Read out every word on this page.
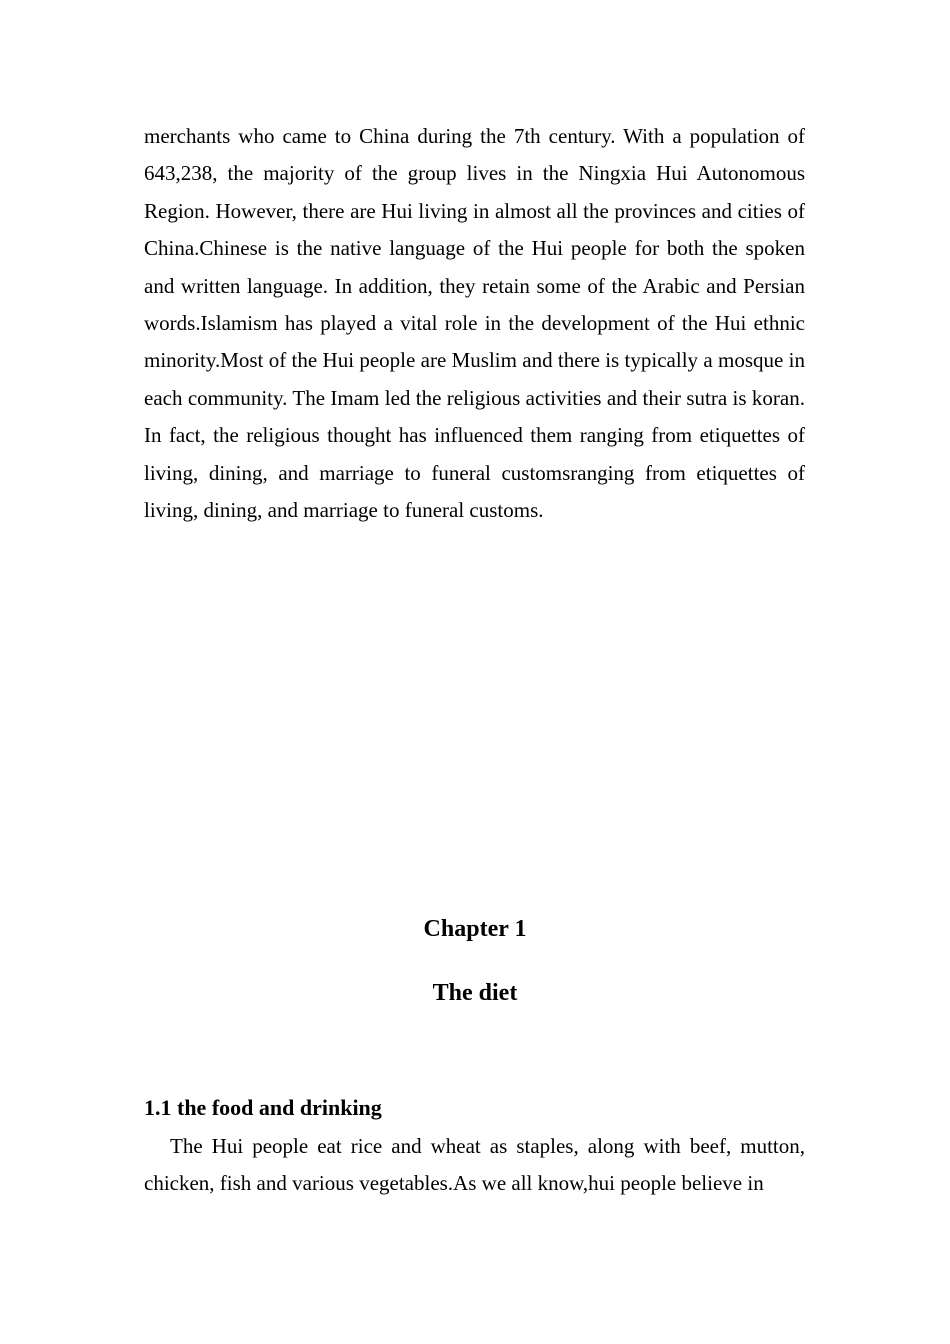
merchants who came to China during the 7th century. With a population of 643,238, the majority of the group lives in the Ningxia Hui Autonomous Region. However, there are Hui living in almost all the provinces and cities of China.Chinese is the native language of the Hui people for both the spoken and written language. In addition, they retain some of the Arabic and Persian words.Islamism has played a vital role in the development of the Hui ethnic minority.Most of the Hui people are Muslim and there is typically a mosque in each community. The Imam led the religious activities and their sutra is koran. In fact, the religious thought has influenced them ranging from etiquettes of living, dining, and marriage to funeral customsranging from etiquettes of living, dining, and marriage to funeral customs.

Chapter 1
The diet
1.1 the food and drinking

The Hui people eat rice and wheat as staples, along with beef, mutton, chicken, fish and various vegetables.As we all know,hui people believe in
